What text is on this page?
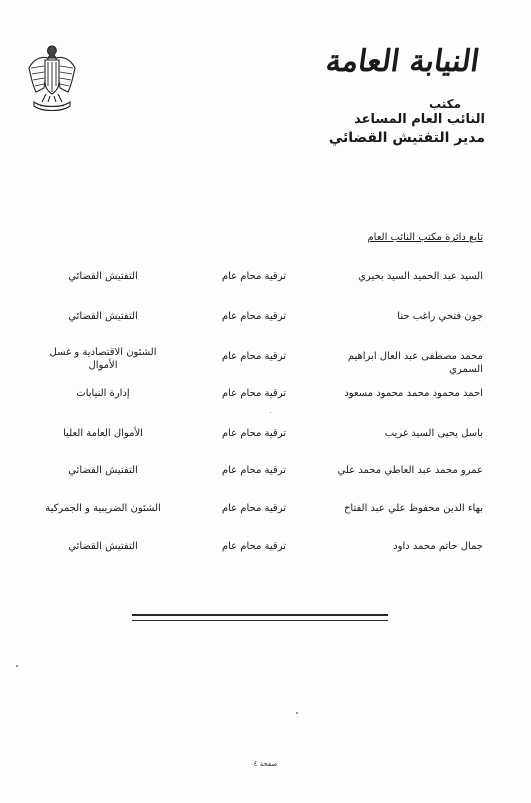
النيابة العامة
مكتب
النائب العام المساعد
مدير التفتيش القضائي
تابع دائرة مكتب النائب العام
السيد عبد الحميد السيد بحيري
ترقية محام عام
التفتيش القضائي
جون فتحي راغب حنا
ترقية محام عام
التفتيش القضائي
محمد مصطفى عبد العال ابراهيم السمري
ترقية محام عام
الشئون الاقتصادية و غسل الأموال
احمد محمود محمد محمود مسعود
ترقية محام عام
إدارة النيابات
باسل يحيى السيد غريب
ترقية محام عام
الأموال العامة العليا
عمرو محمد عبد العاطي محمد علي
ترقية محام عام
التفتيش القضائي
بهاء الدين محفوظ علي عبد الفتاح
ترقية محام عام
الشئون الضريبية و الجمركية
جمال حاتم محمد داود
ترقية محام عام
التفتيش القضائي
صفحة ٤
